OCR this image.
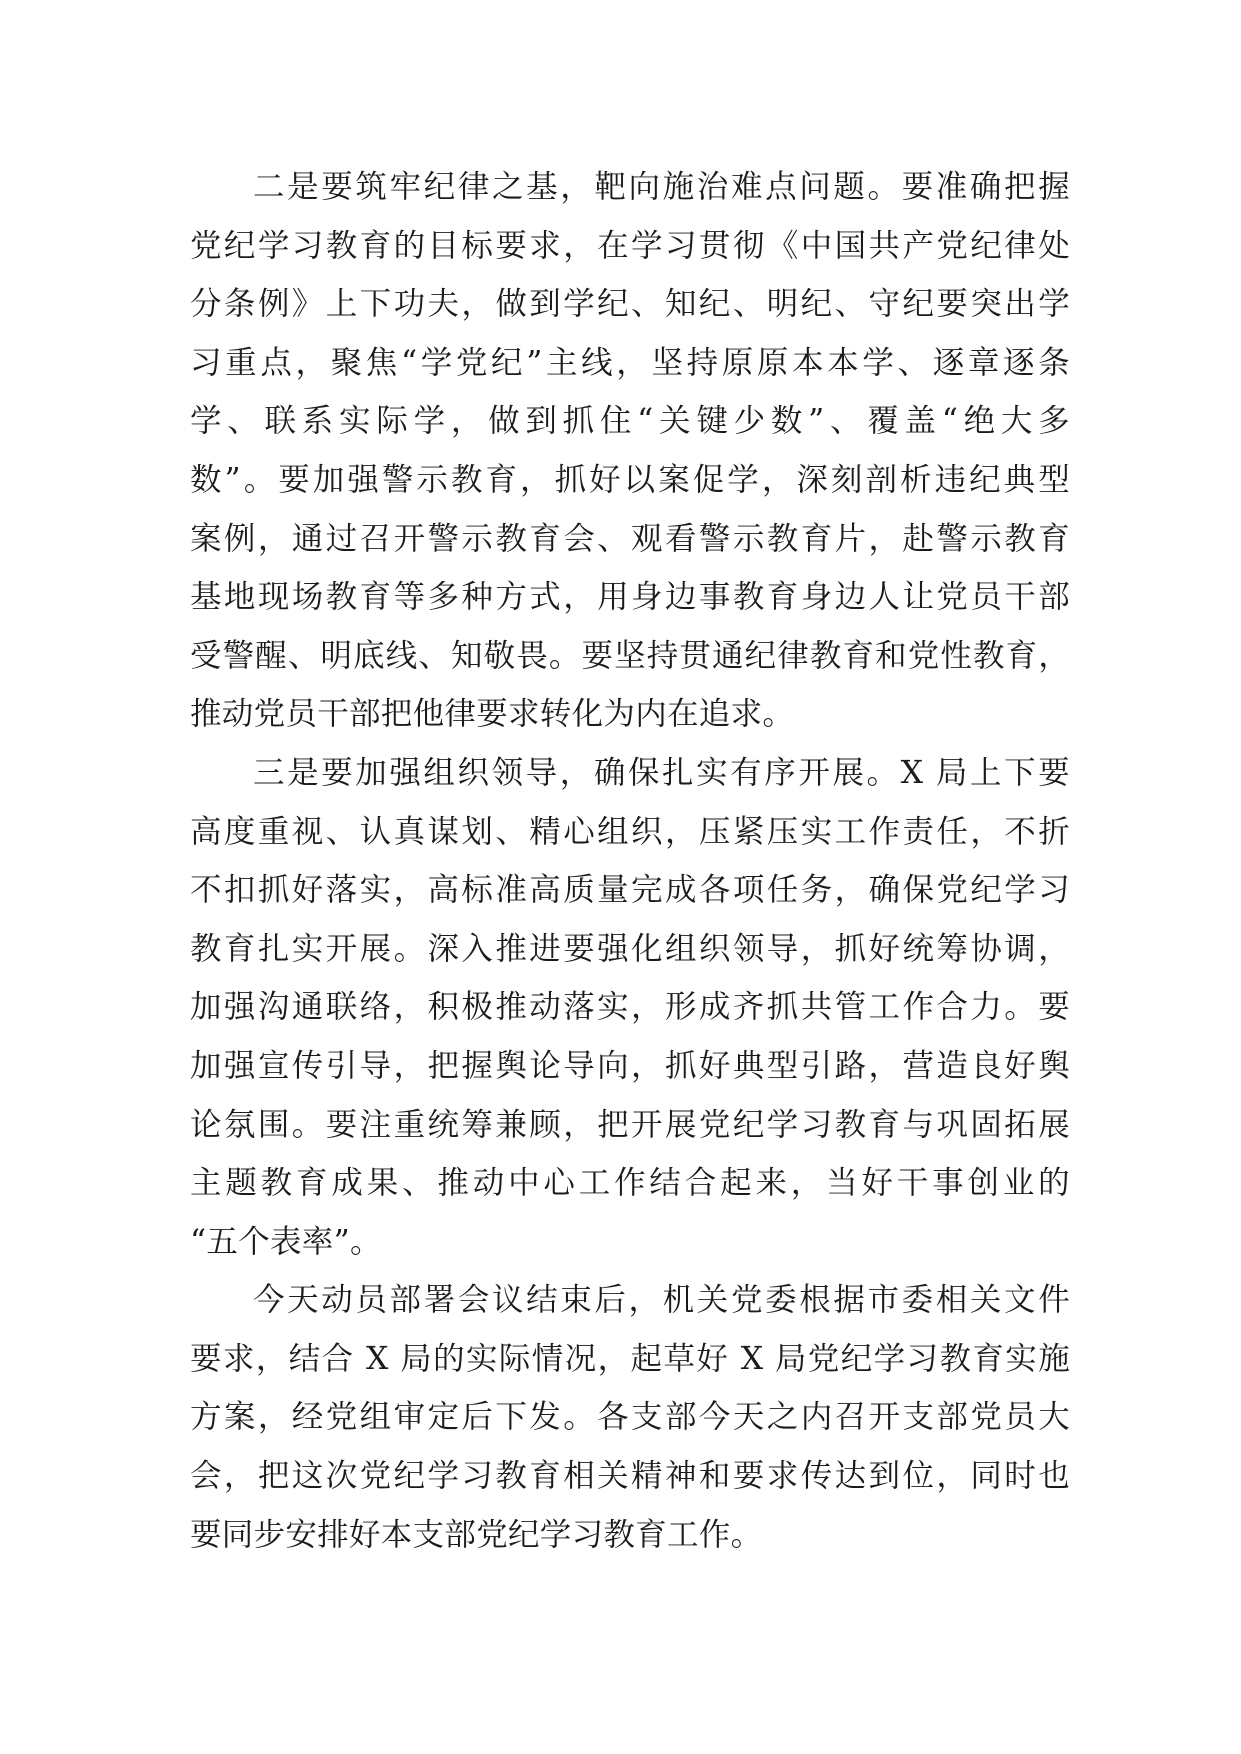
二是要筑牢纪律之基，靶向施治难点问题。要准确把握

党纪学习教育的目标要求，在学习贯彻《中国共产党纪律处

分条例》上下功夫，做到学纪、知纪、明纪、守纪要突出学

习重点，聚焦“学党纪”主线，坚持原原本本学、逐章逐条

学、联系实际学，做到抓住“关键少数”、覆盖“绝大多

数”。要加强警示教育，抓好以案促学，深刻剖析违纪典型

案例，通过召开警示教育会、观看警示教育片，赴警示教育

基地现场教育等多种方式，用身边事教育身边人让党员干部

受警醒、明底线、知敬畏。要坚持贯通纪律教育和党性教育，

推动党员干部把他律要求转化为内在追求。

三是要加强组织领导，确保扎实有序开展。X 局上下要

高度重视、认真谋划、精心组织，压紧压实工作责任，不折

不扣抓好落实，高标准高质量完成各项任务，确保党纪学习

教育扎实开展。深入推进要强化组织领导，抓好统筹协调，

加强沟通联络，积极推动落实，形成齐抓共管工作合力。要

加强宣传引导，把握舆论导向，抓好典型引路，营造良好舆

论氛围。要注重统筹兼顾，把开展党纪学习教育与巩固拓展

主题教育成果、推动中心工作结合起来，当好干事创业的

“五个表率”。

今天动员部署会议结束后，机关党委根据市委相关文件

要求，结合 X 局的实际情况，起草好 X 局党纪学习教育实施

方案，经党组审定后下发。各支部今天之内召开支部党员大

会，把这次党纪学习教育相关精神和要求传达到位，同时也

要同步安排好本支部党纪学习教育工作。
